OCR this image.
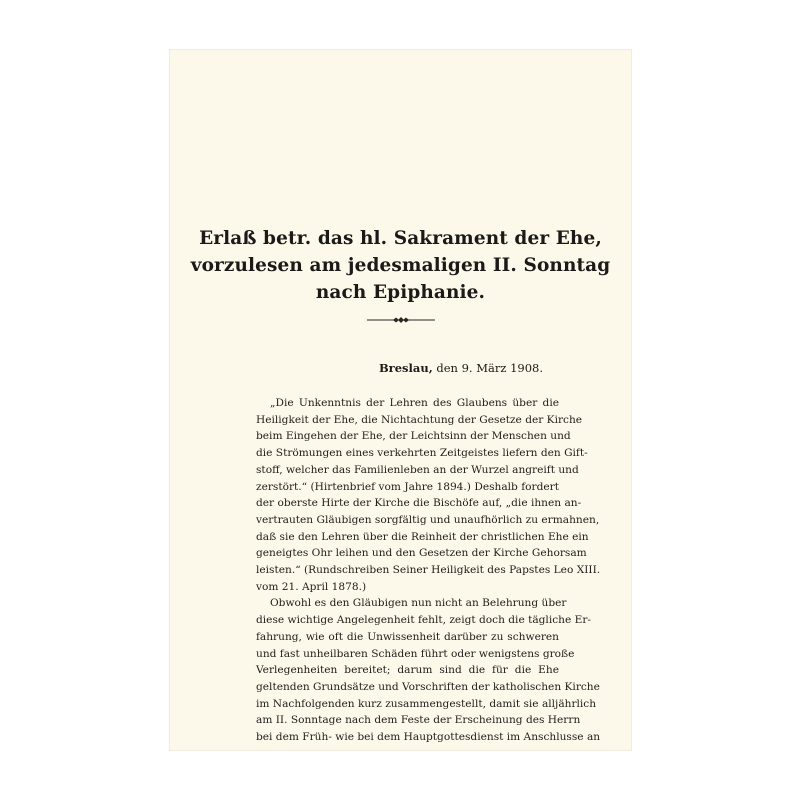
Erlaß betr. das hl. Sakrament der Ehe,
vorzulesen am jedesmaligen II. Sonntag
nach Epiphanie.
Breslau, den 9. März 1908.
„Die Unkenntnis der Lehren des Glaubens über die
Heiligkeit der Ehe, die Nichtachtung der Gesetze der Kirche
beim Eingehen der Ehe, der Leichtsinn der Menschen und
die Strömungen eines verkehrten Zeitgeistes liefern den Gift-
stoff, welcher das Familienleben an der Wurzel angreift und
zerstört.“ (Hirtenbrief vom Jahre 1894.) Deshalb fordert
der oberste Hirte der Kirche die Bischöfe auf, „die ihnen an-
vertrauten Gläubigen sorgfältig und unaufhörlich zu ermahnen,
daß sie den Lehren über die Reinheit der christlichen Ehe ein
geneigtes Ohr leihen und den Gesetzen der Kirche Gehorsam
leisten.“ (Rundschreiben Seiner Heiligkeit des Papstes Leo XIII.
vom 21. April 1878.)
Obwohl es den Gläubigen nun nicht an Belehrung über
diese wichtige Angelegenheit fehlt, zeigt doch die tägliche Er-
fahrung, wie oft die Unwissenheit darüber zu schweren
und fast unheilbaren Schäden führt oder wenigstens große
Verlegenheiten bereitet; darum sind die für die Ehe
geltenden Grundsätze und Vorschriften der katholischen Kirche
im Nachfolgenden kurz zusammengestellt, damit sie alljährlich
am II. Sonntage nach dem Feste der Erscheinung des Herrn
bei dem Früh- wie bei dem Hauptgottesdienst im Anschlusse an
